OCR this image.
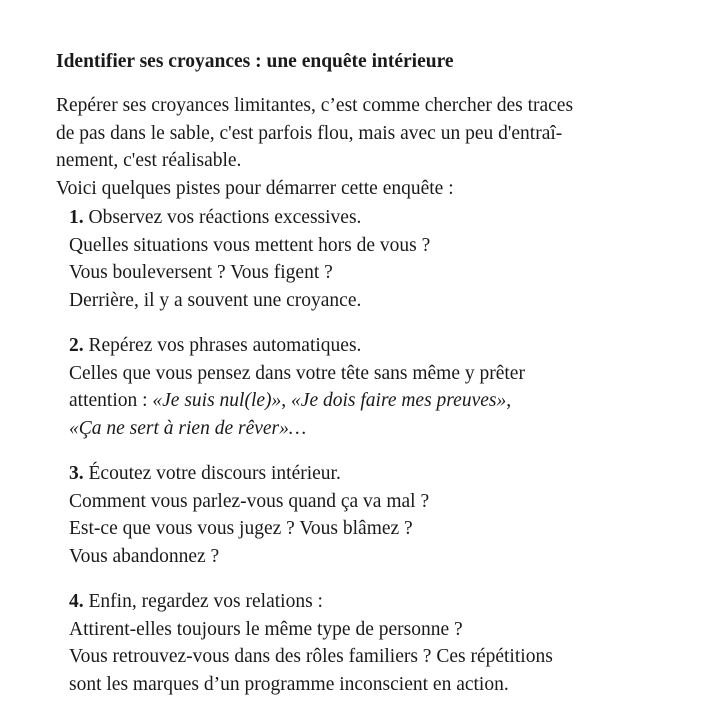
Identifier ses croyances : une enquête intérieure

Repérer ses croyances limitantes, c’est comme chercher des traces

de pas dans le sable, c'est parfois flou, mais avec un peu d'entraî-

nement, c'est réalisable.

Voici quelques pistes pour démarrer cette enquête :

1. Observez vos réactions excessives.

Quelles situations vous mettent hors de vous ?

Vous bouleversent ? Vous figent ?

Derrière, il y a souvent une croyance.

2. Repérez vos phrases automatiques.

Celles que vous pensez dans votre tête sans même y prêter

attention : «Je suis nul(le)», «Je dois faire mes preuves»,

«Ça ne sert à rien de rêver»…

3. Écoutez votre discours intérieur.

Comment vous parlez-vous quand ça va mal ?

Est-ce que vous vous jugez ? Vous blâmez ?

Vous abandonnez ?

4. Enfin, regardez vos relations :

Attirent-elles toujours le même type de personne ?

Vous retrouvez-vous dans des rôles familiers ? Ces répétitions

sont les marques d’un programme inconscient en action.
